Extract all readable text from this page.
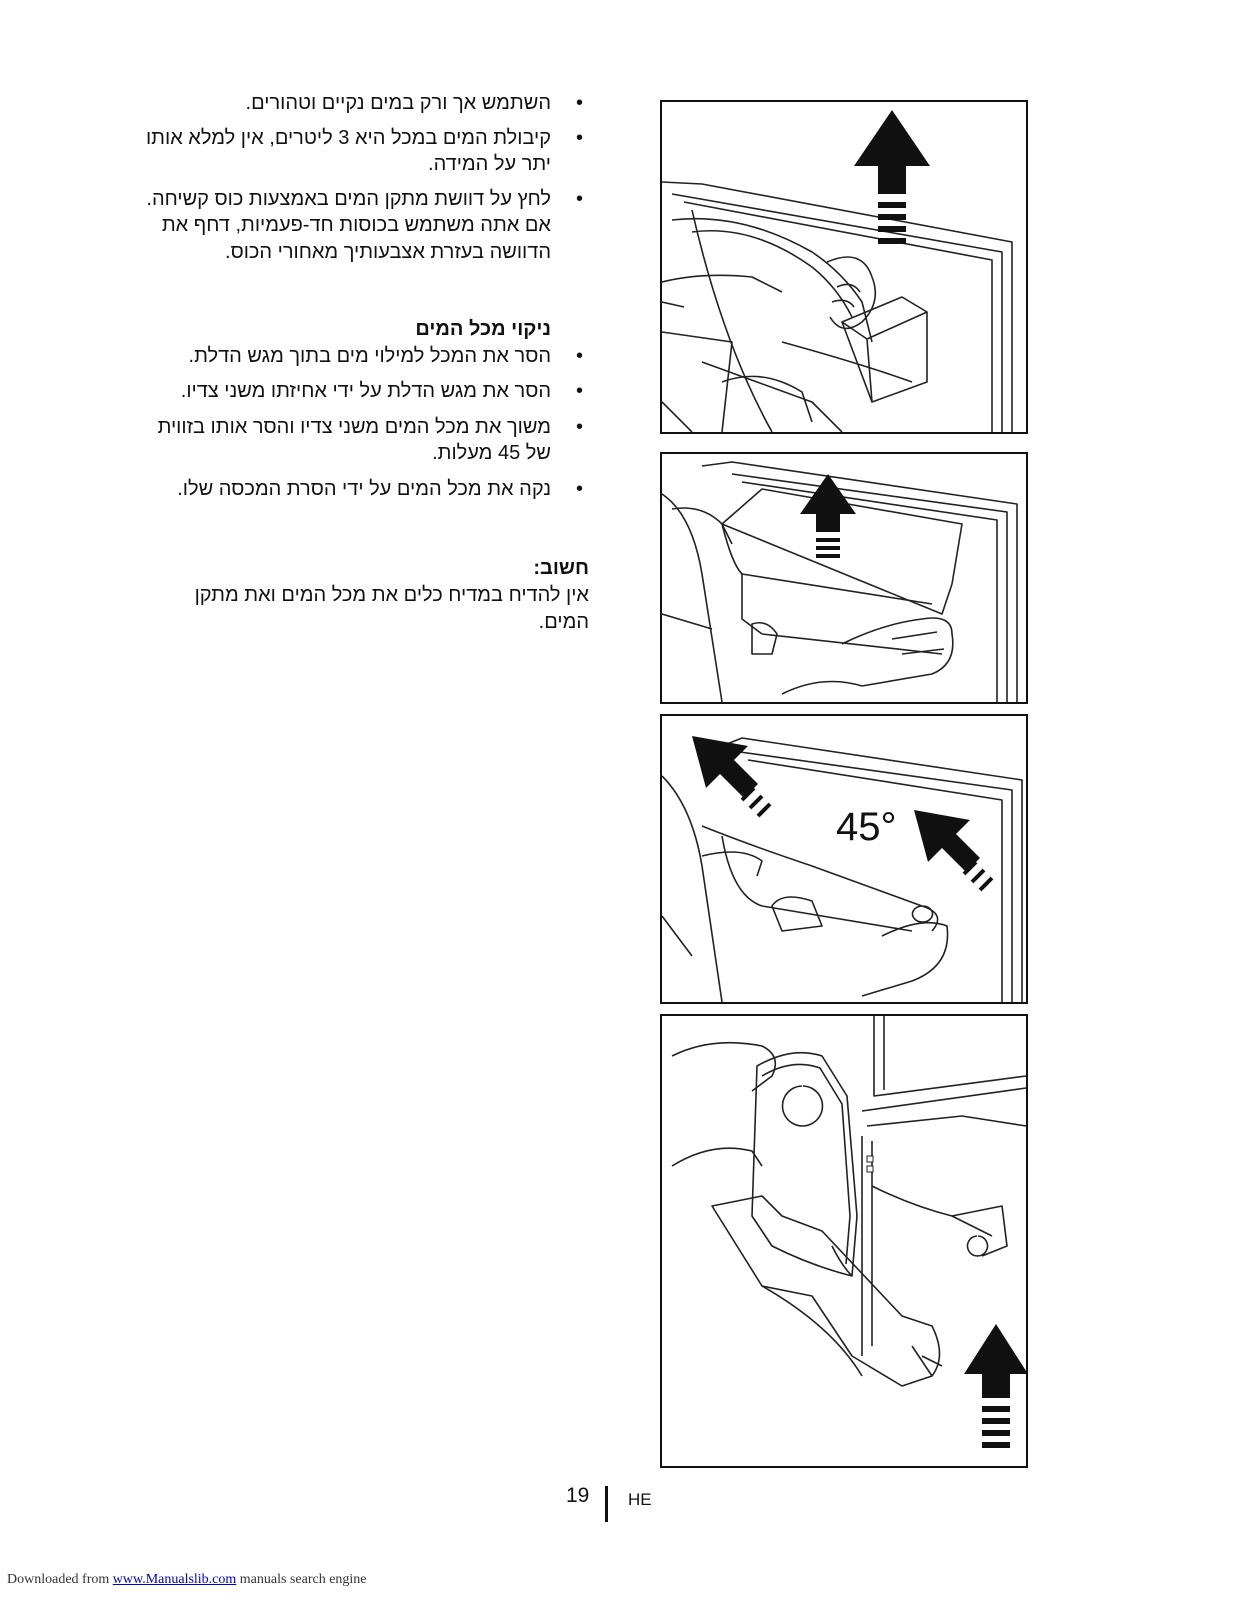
• השתמש אך ורק במים נקיים וטהורים.
• קיבולת המים במכל היא 3 ליטרים, אין למלא אותו יתר על המידה.
• לחץ על דוושת מתקן המים באמצעות כוס קשיחה. אם אתה משתמש בכוסות חד-פעמיות, דחף את הדוושה בעזרת אצבעותיך מאחורי הכוס.

ניקוי מכל המים

• הסר את המכל למילוי מים בתוך מגש הדלת.
• הסר את מגש הדלת על ידי אחיזתו משני צדיו.
• משוך את מכל המים משני צדיו והסר אותו בזווית של 45 מעלות.
• נקה את מכל המים על ידי הסרת המכסה שלו.

חשוב:

אין להדיח במדיח כלים את מכל המים ואת מתקן המים.

45°
19 HE
Downloaded from www.Manualslib.com manuals search engine
